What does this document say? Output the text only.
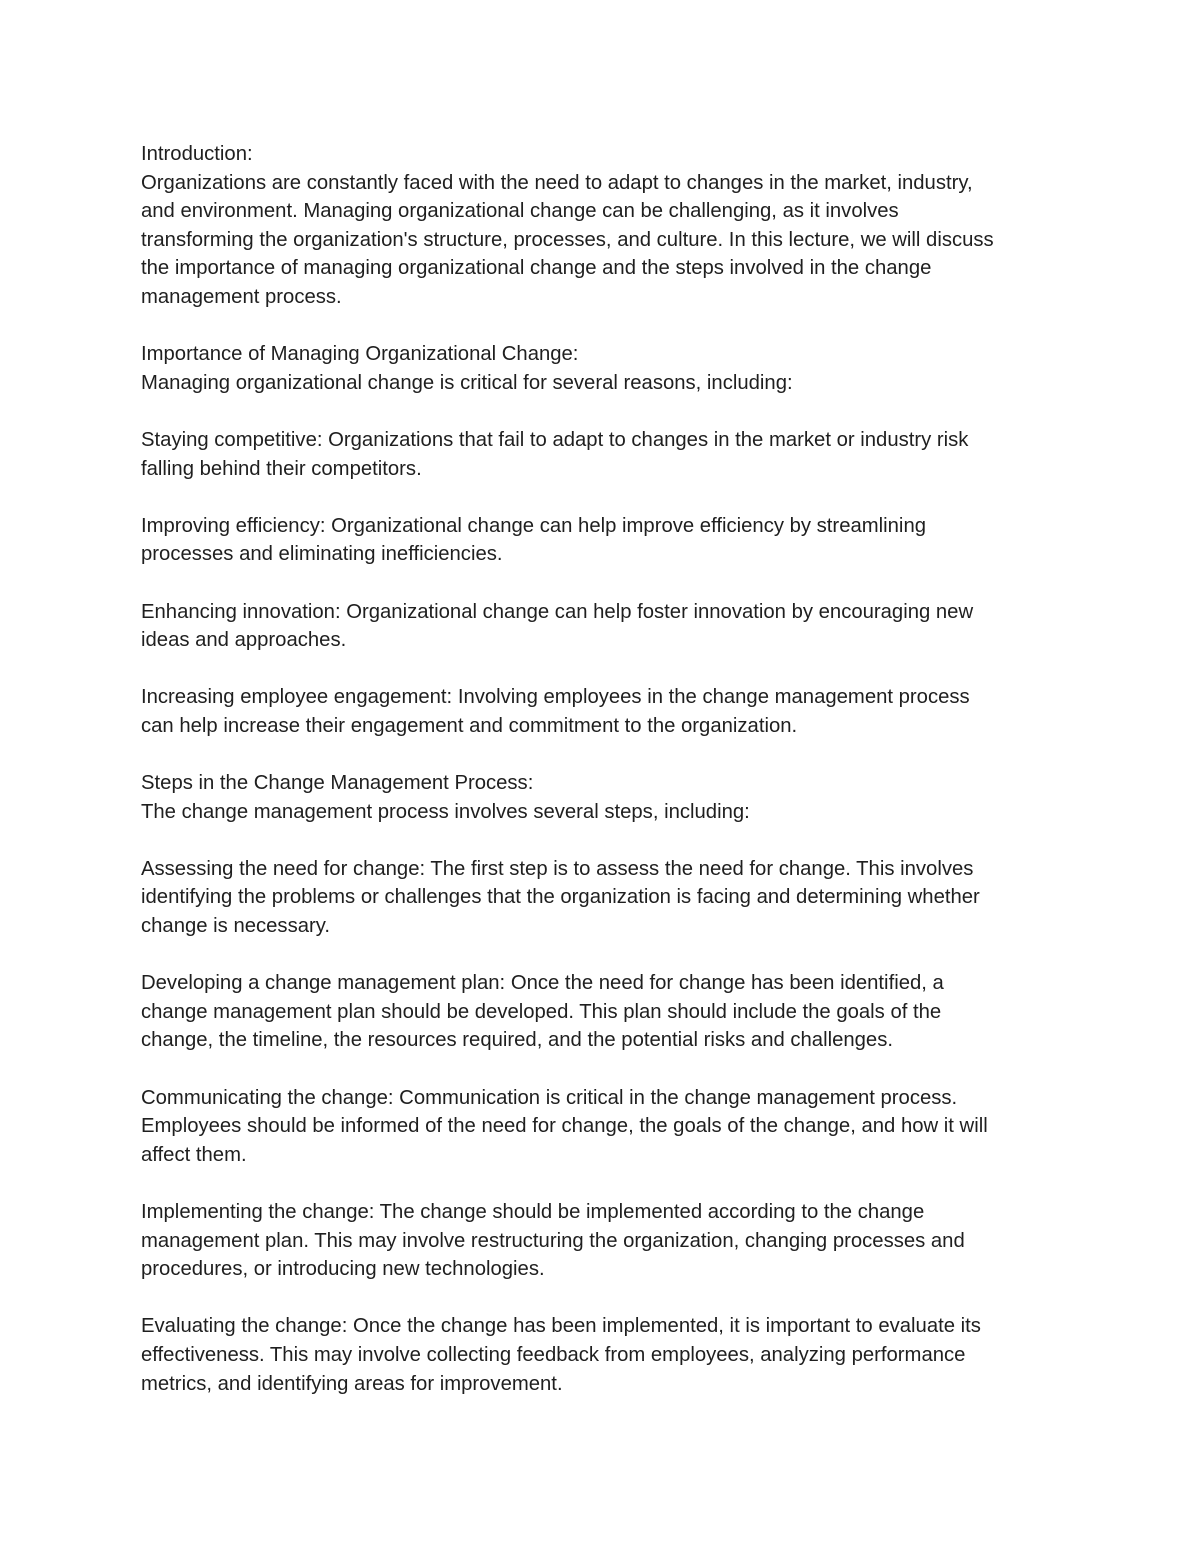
Introduction:
Organizations are constantly faced with the need to adapt to changes in the market, industry,
and environment. Managing organizational change can be challenging, as it involves
transforming the organization's structure, processes, and culture. In this lecture, we will discuss
the importance of managing organizational change and the steps involved in the change
management process.
Importance of Managing Organizational Change:
Managing organizational change is critical for several reasons, including:
Staying competitive: Organizations that fail to adapt to changes in the market or industry risk
falling behind their competitors.
Improving efficiency: Organizational change can help improve efficiency by streamlining
processes and eliminating inefficiencies.
Enhancing innovation: Organizational change can help foster innovation by encouraging new
ideas and approaches.
Increasing employee engagement: Involving employees in the change management process
can help increase their engagement and commitment to the organization.
Steps in the Change Management Process:
The change management process involves several steps, including:
Assessing the need for change: The first step is to assess the need for change. This involves
identifying the problems or challenges that the organization is facing and determining whether
change is necessary.
Developing a change management plan: Once the need for change has been identified, a
change management plan should be developed. This plan should include the goals of the
change, the timeline, the resources required, and the potential risks and challenges.
Communicating the change: Communication is critical in the change management process.
Employees should be informed of the need for change, the goals of the change, and how it will
affect them.
Implementing the change: The change should be implemented according to the change
management plan. This may involve restructuring the organization, changing processes and
procedures, or introducing new technologies.
Evaluating the change: Once the change has been implemented, it is important to evaluate its
effectiveness. This may involve collecting feedback from employees, analyzing performance
metrics, and identifying areas for improvement.
